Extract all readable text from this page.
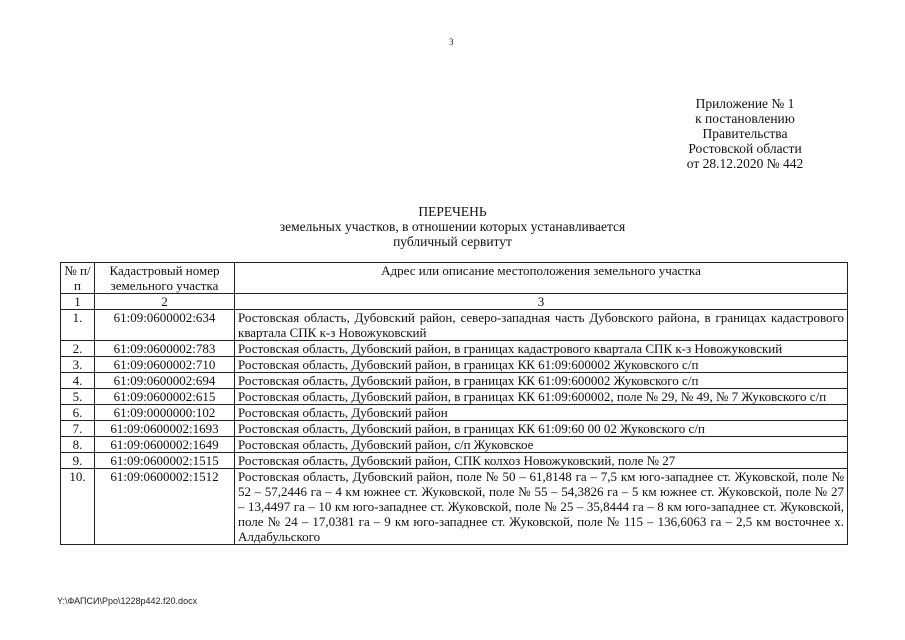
3
Приложение № 1
к постановлению
Правительства
Ростовской области
от 28.12.2020 № 442
ПЕРЕЧЕНЬ
земельных участков, в отношении которых устанавливается публичный сервитут
№ п/п	Кадастровый номер земельного участка	Адрес или описание местоположения земельного участка
1	2	3
1.	61:09:0600002:634	Ростовская область, Дубовский район, северо-западная часть Дубовского района, в границах кадастрового квартала СПК к-з Новожуковский
2.	61:09:0600002:783	Ростовская область, Дубовский район, в границах кадастрового квартала СПК к-з Новожуковский
3.	61:09:0600002:710	Ростовская область, Дубовский район, в границах КК 61:09:600002 Жуковского с/п
4.	61:09:0600002:694	Ростовская область, Дубовский район, в границах КК 61:09:600002 Жуковского с/п
5.	61:09:0600002:615	Ростовская область, Дубовский район, в границах КК 61:09:600002, поле № 29, № 49, № 7 Жуковского с/п
6.	61:09:0000000:102	Ростовская область, Дубовский район
7.	61:09:0600002:1693	Ростовская область, Дубовский район, в границах КК 61:09:60 00 02 Жуковского с/п
8.	61:09:0600002:1649	Ростовская область, Дубовский район, с/п Жуковское
9.	61:09:0600002:1515	Ростовская область, Дубовский район, СПК колхоз Новожуковский, поле № 27
10.	61:09:0600002:1512	Ростовская область, Дубовский район, поле № 50 – 61,8148 га – 7,5 км юго-западнее ст. Жуковской, поле № 52 – 57,2446 га – 4 км южнее ст. Жуковской, поле № 55 – 54,3826 га – 5 км южнее ст. Жуковской, поле № 27 – 13,4497 га – 10 км юго-западнее ст. Жуковской, поле № 25 – 35,8444 га – 8 км юго-западнее ст. Жуковской, поле № 24 – 17,0381 га – 9 км юго-западнее ст. Жуковской, поле № 115 – 136,6063 га – 2,5 км восточнее х. Алдабульского
Y:\ФАПСИ\Ppo\1228p442.f20.docx
